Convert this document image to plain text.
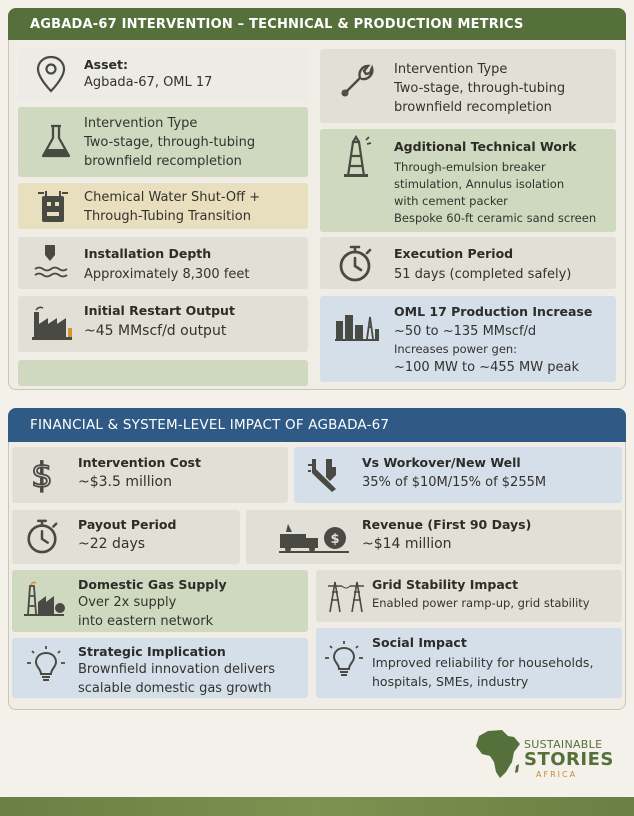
AGBADA-67 INTERVENTION – TECHNICAL & PRODUCTION METRICS
Asset:
Agbada-67, OML 17
Intervention Type
Two-stage, through-tubing
brownfield recompletion
Intervention Type
Two-stage, through-tubing
brownfield recompletion
Agditional Technical Work
Through-emulsion breaker
stimulation, Annulus isolation
with cement packer
Bespoke 60-ft ceramic sand screen
Chemical Water Shut-Off +
Through-Tubing Transition
Installation Depth
Approximately 8,300 feet
Execution Period
51 days (completed safely)
Initial Restart Output
~45 MMscf/d output
OML 17 Production Increase
~50 to ~135 MMscf/d
Increases power gen:
~100 MW to ~455 MW peak
FINANCIAL & SYSTEM-LEVEL IMPACT OF AGBADA-67
$ Intervention Cost
~$3.5 million
Vs Workover/New Well
35% of $10M/15% of $255M
Payout Period
~22 days	$
Revenue (First 90 Days)
~$14 million
Domestic Gas Supply
Over 2x supply
into eastern network
Grid Stability Impact
Enabled power ramp-up, grid stability
Strategic Implication
Brownfield innovation delivers
scalable domestic gas growth
Social Impact
Improved reliability for households,
hospitals, SMEs, industry
SUSTAINABLE
STORIES
AFRICA
